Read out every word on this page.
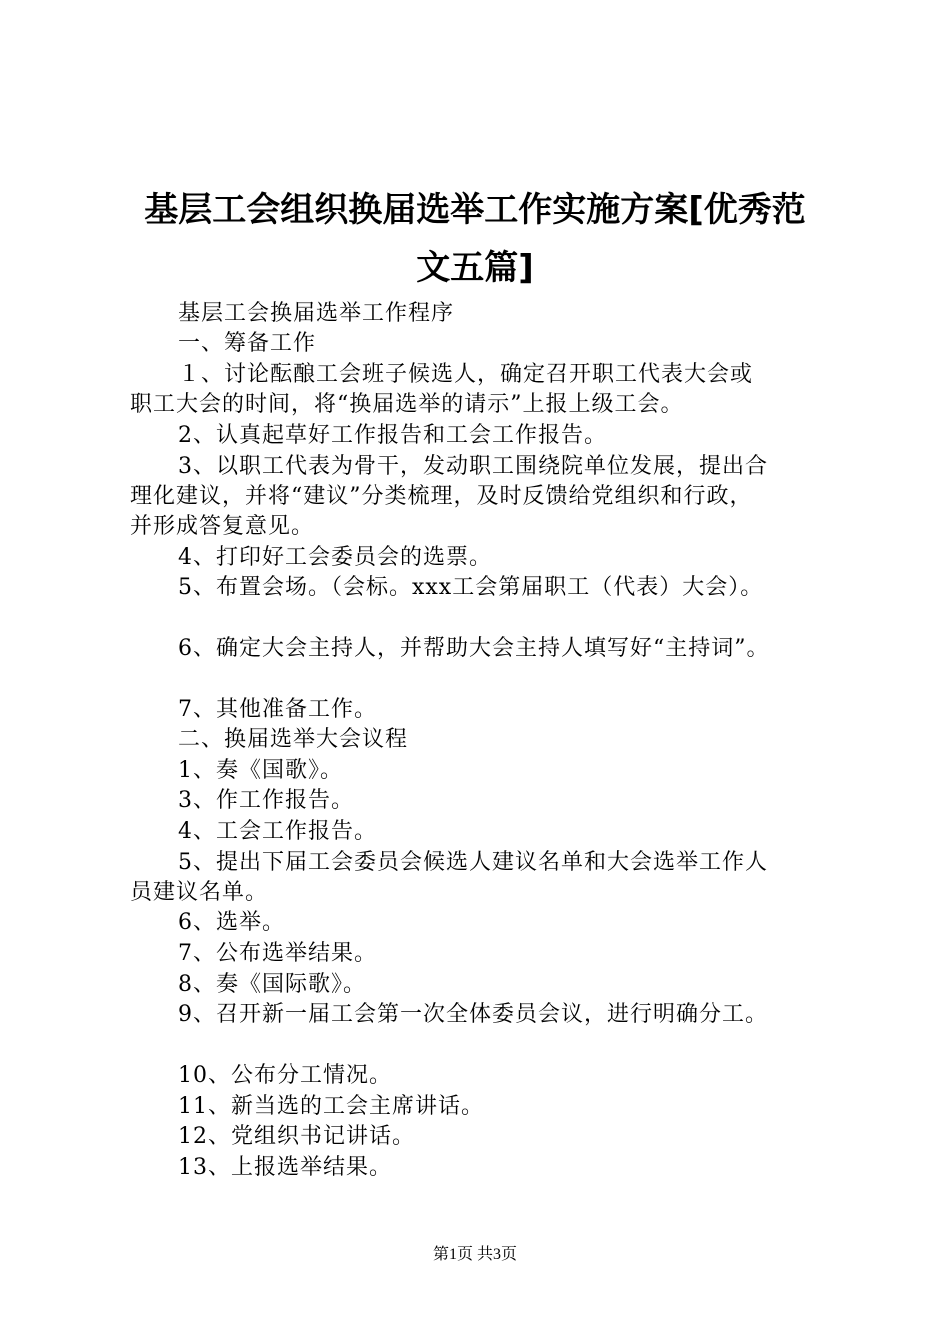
基层工会组织换届选举工作实施方案[优秀范
文五篇]
基层工会换届选举工作程序
一、筹备工作
１、讨论酝酿工会班子候选人，确定召开职工代表大会或
职工大会的时间，将“换届选举的请示”上报上级工会。
2、认真起草好工作报告和工会工作报告。
3、以职工代表为骨干，发动职工围绕院单位发展，提出合
理化建议，并将“建议”分类梳理，及时反馈给党组织和行政，
并形成答复意见。
4、打印好工会委员会的选票。
5、布置会场。（会标。xxx工会第届职工（代表）大会）。
6、确定大会主持人，并帮助大会主持人填写好“主持词”。
7、其他准备工作。
二、换届选举大会议程
1、奏《国歌》。
3、作工作报告。
4、工会工作报告。
5、提出下届工会委员会候选人建议名单和大会选举工作人
员建议名单。
6、选举。
7、公布选举结果。
8、奏《国际歌》。
9、召开新一届工会第一次全体委员会议，进行明确分工。
10、公布分工情况。
11、新当选的工会主席讲话。
12、党组织书记讲话。
13、上报选举结果。
第1页 共3页
